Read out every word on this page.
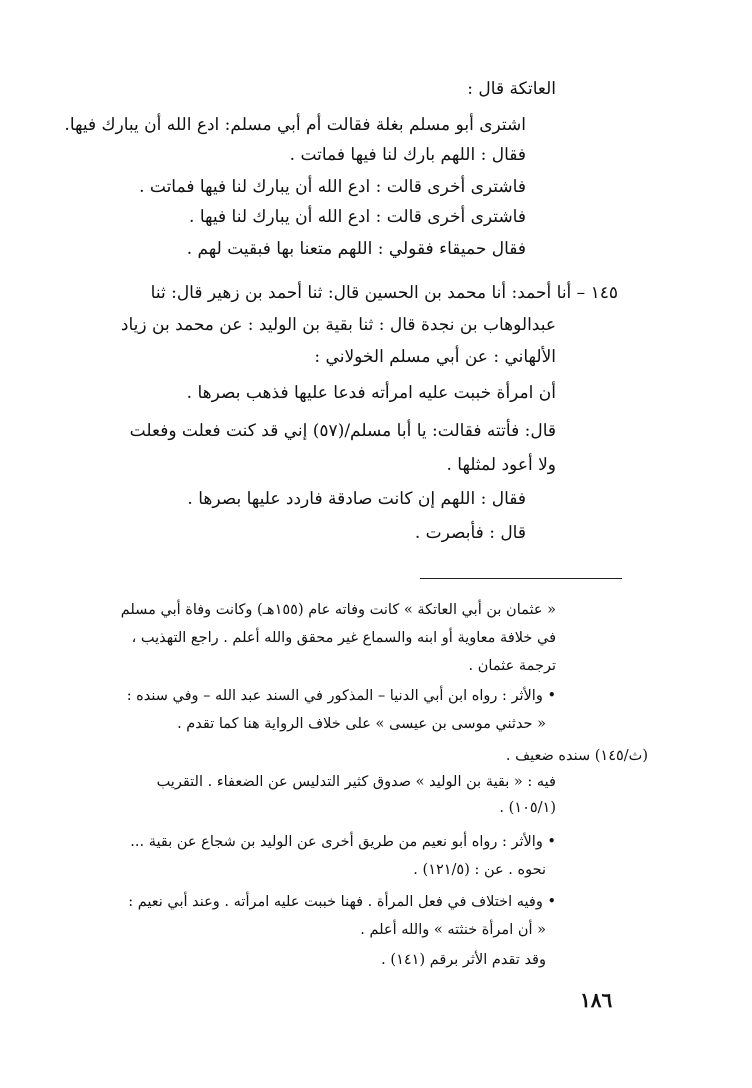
العاتكة قال :
اشترى أبو مسلم بغلة فقالت أم أبي مسلم: ادع الله أن يبارك فيها.
فقال : اللهم بارك لنا فيها فماتت .
فاشترى أخرى قالت : ادع الله أن يبارك لنا فيها فماتت .
فاشترى أخرى قالت : ادع الله أن يبارك لنا فيها .
فقال حميقاء فقولي : اللهم متعنا بها فبقيت لهم .
١٤٥ – أنا أحمد: أنا محمد بن الحسين قال: ثنا أحمد بن زهير قال: ثنا
عبدالوهاب بن نجدة قال : ثنا بقية بن الوليد : عن محمد بن زياد
الألهاني : عن أبي مسلم الخولاني :
أن امرأة خببت عليه امرأته فدعا عليها فذهب بصرها .
قال: فأتته فقالت: يا أبا مسلم/(٥٧) إني قد كنت فعلت وفعلت
ولا أعود لمثلها .
فقال : اللهم إن كانت صادقة فاردد عليها بصرها .
قال : فأبصرت .
« عثمان بن أبي العاتكة » كانت وفاته عام (١٥٥هـ) وكانت وفاة أبي مسلم
في خلافة معاوية أو ابنه والسماع غير محقق والله أعلم . راجع التهذيب ،
ترجمة عثمان .
• والأثر : رواه ابن أبي الدنيا – المذكور في السند عبد الله – وفي سنده :
« حدثني موسى بن عيسى » على خلاف الرواية هنا كما تقدم .
(ث/١٤٥) سنده ضعيف .
فيه : « بقية بن الوليد » صدوق كثير التدليس عن الضعفاء . التقريب
(١٠٥/١) .
• والأثر : رواه أبو نعيم من طريق أخرى عن الوليد بن شجاع عن بقية ...
نحوه . عن : (١٢١/٥) .
• وفيه اختلاف في فعل المرأة . فهنا خببت عليه امرأته . وعند أبي نعيم :
« أن امرأة خنثته » والله أعلم .
وقد تقدم الأثر برقم (١٤١) .
١٨٦
